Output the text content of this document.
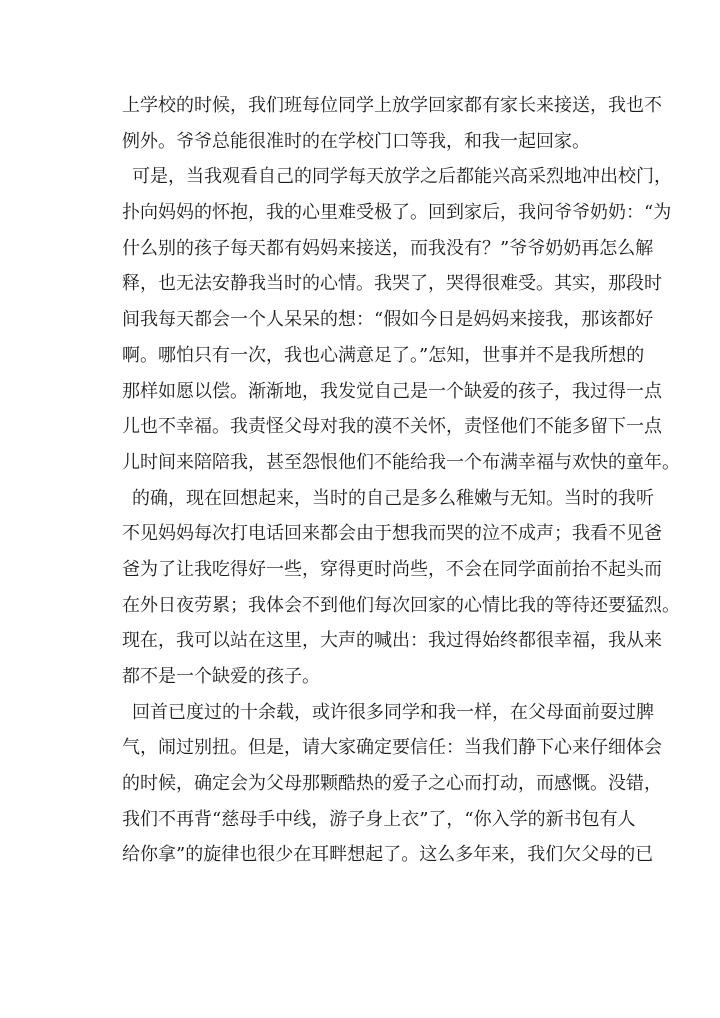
上学校的时候，我们班每位同学上放学回家都有家长来接送，我也不
例外。爷爷总能很准时的在学校门口等我，和我一起回家。
可是，当我观看自己的同学每天放学之后都能兴高采烈地冲出校门，
扑向妈妈的怀抱，我的心里难受极了。回到家后，我问爷爷奶奶：“为
什么别的孩子每天都有妈妈来接送，而我没有？”爷爷奶奶再怎么解
释，也无法安静我当时的心情。我哭了，哭得很难受。其实，那段时
间我每天都会一个人呆呆的想：“假如今日是妈妈来接我，那该都好
啊。哪怕只有一次，我也心满意足了。”怎知，世事并不是我所想的
那样如愿以偿。渐渐地，我发觉自己是一个缺爱的孩子，我过得一点
儿也不幸福。我责怪父母对我的漠不关怀，责怪他们不能多留下一点
儿时间来陪陪我，甚至怨恨他们不能给我一个布满幸福与欢快的童年。
的确，现在回想起来，当时的自己是多么稚嫩与无知。当时的我听
不见妈妈每次打电话回来都会由于想我而哭的泣不成声；我看不见爸
爸为了让我吃得好一些，穿得更时尚些，不会在同学面前抬不起头而
在外日夜劳累；我体会不到他们每次回家的心情比我的等待还要猛烈。
现在，我可以站在这里，大声的喊出：我过得始终都很幸福，我从来
都不是一个缺爱的孩子。
回首已度过的十余载，或许很多同学和我一样，在父母面前耍过脾
气，闹过别扭。但是，请大家确定要信任：当我们静下心来仔细体会
的时候，确定会为父母那颗酷热的爱子之心而打动，而感慨。没错，
我们不再背“慈母手中线，游子身上衣”了，“你入学的新书包有人
给你拿”的旋律也很少在耳畔想起了。这么多年来，我们欠父母的已
